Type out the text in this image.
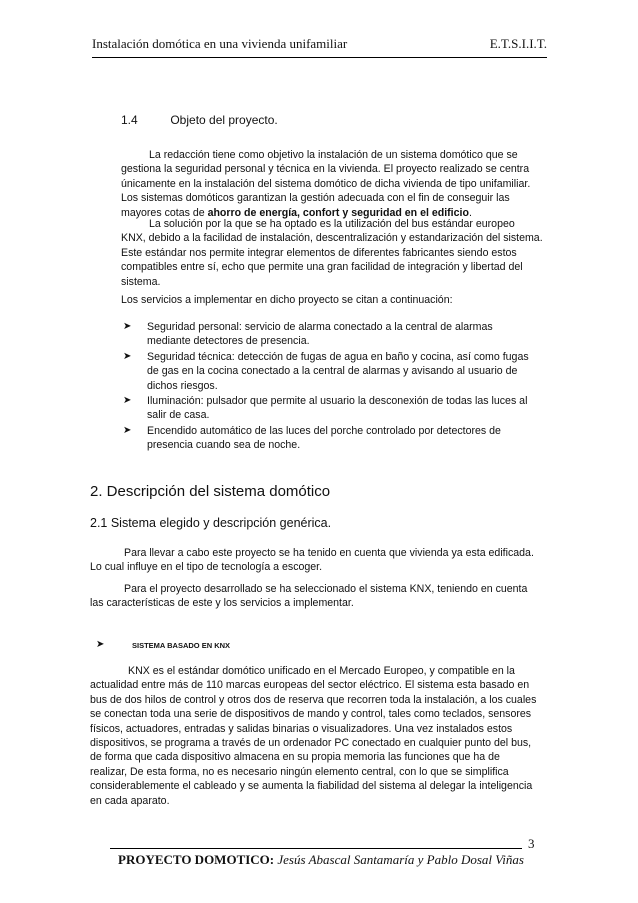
Instalación domótica en una vivienda unifamiliar	E.T.S.I.I.T.
1.4	Objeto del proyecto.
La redacción tiene como objetivo la instalación de un sistema domótico que se
gestiona la seguridad personal y técnica en la vivienda. El proyecto realizado se centra
únicamente en la instalación del sistema domótico de dicha vivienda de tipo unifamiliar.
Los sistemas domóticos garantizan la gestión adecuada con el fin de conseguir las
mayores cotas de ahorro de energía, confort y seguridad en el edificio.
La solución por la que se ha optado es la utilización del bus estándar europeo
KNX, debido a la facilidad de instalación, descentralización y estandarización del sistema.
Este estándar nos permite integrar elementos de diferentes fabricantes siendo estos
compatibles entre sí, echo que permite una gran facilidad de integración y libertad del
sistema.
Los servicios a implementar en dicho proyecto se citan a continuación:
➤ Seguridad personal: servicio de alarma conectado a la central de alarmas
mediante detectores de presencia.
➤ Seguridad técnica: detección de fugas de agua en baño y cocina, así como fugas
de gas en la cocina conectado a la central de alarmas y avisando al usuario de
dichos riesgos.
➤ Iluminación: pulsador que permite al usuario la desconexión de todas las luces al
salir de casa.
➤ Encendido automático de las luces del porche controlado por detectores de
presencia cuando sea de noche.
2. Descripción del sistema domótico
2.1 Sistema elegido y descripción genérica.
Para llevar a cabo este proyecto se ha tenido en cuenta que vivienda ya esta edificada.
Lo cual influye en el tipo de tecnología a escoger.
Para el proyecto desarrollado se ha seleccionado el sistema KNX, teniendo en cuenta
las características de este y los servicios a implementar.
➤	SISTEMA BASADO EN KNX
KNX es el estándar domótico unificado en el Mercado Europeo, y compatible en la
actualidad entre más de 110 marcas europeas del sector eléctrico. El sistema esta basado en
bus de dos hilos de control y otros dos de reserva que recorren toda la instalación, a los cuales
se conectan toda una serie de dispositivos de mando y control, tales como teclados, sensores
físicos, actuadores, entradas y salidas binarias o visualizadores. Una vez instalados estos
dispositivos, se programa a través de un ordenador PC conectado en cualquier punto del bus,
de forma que cada dispositivo almacena en su propia memoria las funciones que ha de
realizar, De esta forma, no es necesario ningún elemento central, con lo que se simplifica
considerablemente el cableado y se aumenta la fiabilidad del sistema al delegar la inteligencia
en cada aparato.
3
PROYECTO DOMOTICO: Jesús Abascal Santamaría y Pablo Dosal Viñas
